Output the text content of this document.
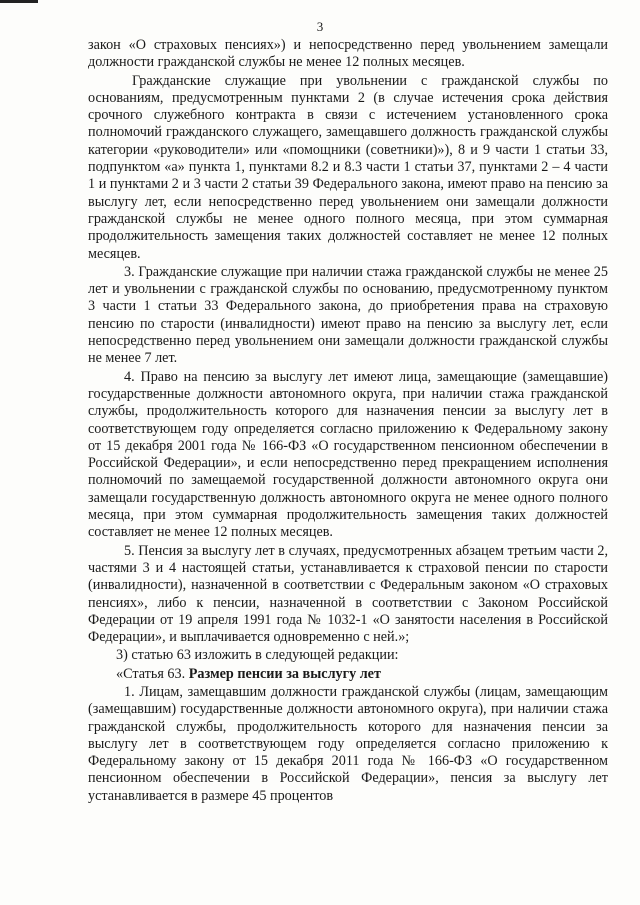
3

закон «О страховых пенсиях») и непосредственно перед увольнением замещали должности гражданской службы не менее 12 полных месяцев.

Гражданские служащие при увольнении с гражданской службы по основаниям, предусмотренным пунктами 2 (в случае истечения срока действия срочного служебного контракта в связи с истечением установленного срока полномочий гражданского служащего, замещавшего должность гражданской службы категории «руководители» или «помощники (советники)»), 8 и 9 части 1 статьи 33, подпунктом «а» пункта 1, пунктами 8.2 и 8.3 части 1 статьи 37, пунктами 2 – 4 части 1 и пунктами 2 и 3 части 2 статьи 39 Федерального закона, имеют право на пенсию за выслугу лет, если непосредственно перед увольнением они замещали должности гражданской службы не менее одного полного месяца, при этом суммарная продолжительность замещения таких должностей составляет не менее 12 полных месяцев.

3. Гражданские служащие при наличии стажа гражданской службы не менее 25 лет и увольнении с гражданской службы по основанию, предусмотренному пунктом 3 части 1 статьи 33 Федерального закона, до приобретения права на страховую пенсию по старости (инвалидности) имеют право на пенсию за выслугу лет, если непосредственно перед увольнением они замещали должности гражданской службы не менее 7 лет.

4. Право на пенсию за выслугу лет имеют лица, замещающие (замещавшие) государственные должности автономного округа, при наличии стажа гражданской службы, продолжительность которого для назначения пенсии за выслугу лет в соответствующем году определяется согласно приложению к Федеральному закону от 15 декабря 2001 года № 166-ФЗ «О государственном пенсионном обеспечении в Российской Федерации», и если непосредственно перед прекращением исполнения полномочий по замещаемой государственной должности автономного округа они замещали государственную должность автономного округа не менее одного полного месяца, при этом суммарная продолжительность замещения таких должностей составляет не менее 12 полных месяцев.

5. Пенсия за выслугу лет в случаях, предусмотренных абзацем третьим части 2, частями 3 и 4 настоящей статьи, устанавливается к страховой пенсии по старости (инвалидности), назначенной в соответствии с Федеральным законом «О страховых пенсиях», либо к пенсии, назначенной в соответствии с Законом Российской Федерации от 19 апреля 1991 года № 1032-1 «О занятости населения в Российской Федерации», и выплачивается одновременно с ней.»;

3) статью 63 изложить в следующей редакции:

«Статья 63. Размер пенсии за выслугу лет

1. Лицам, замещавшим должности гражданской службы (лицам, замещающим (замещавшим) государственные должности автономного округа), при наличии стажа гражданской службы, продолжительность которого для назначения пенсии за выслугу лет в соответствующем году определяется согласно приложению к Федеральному закону от 15 декабря 2011 года № 166-ФЗ «О государственном пенсионном обеспечении в Российской Федерации», пенсия за выслугу лет устанавливается в размере 45 процентов
